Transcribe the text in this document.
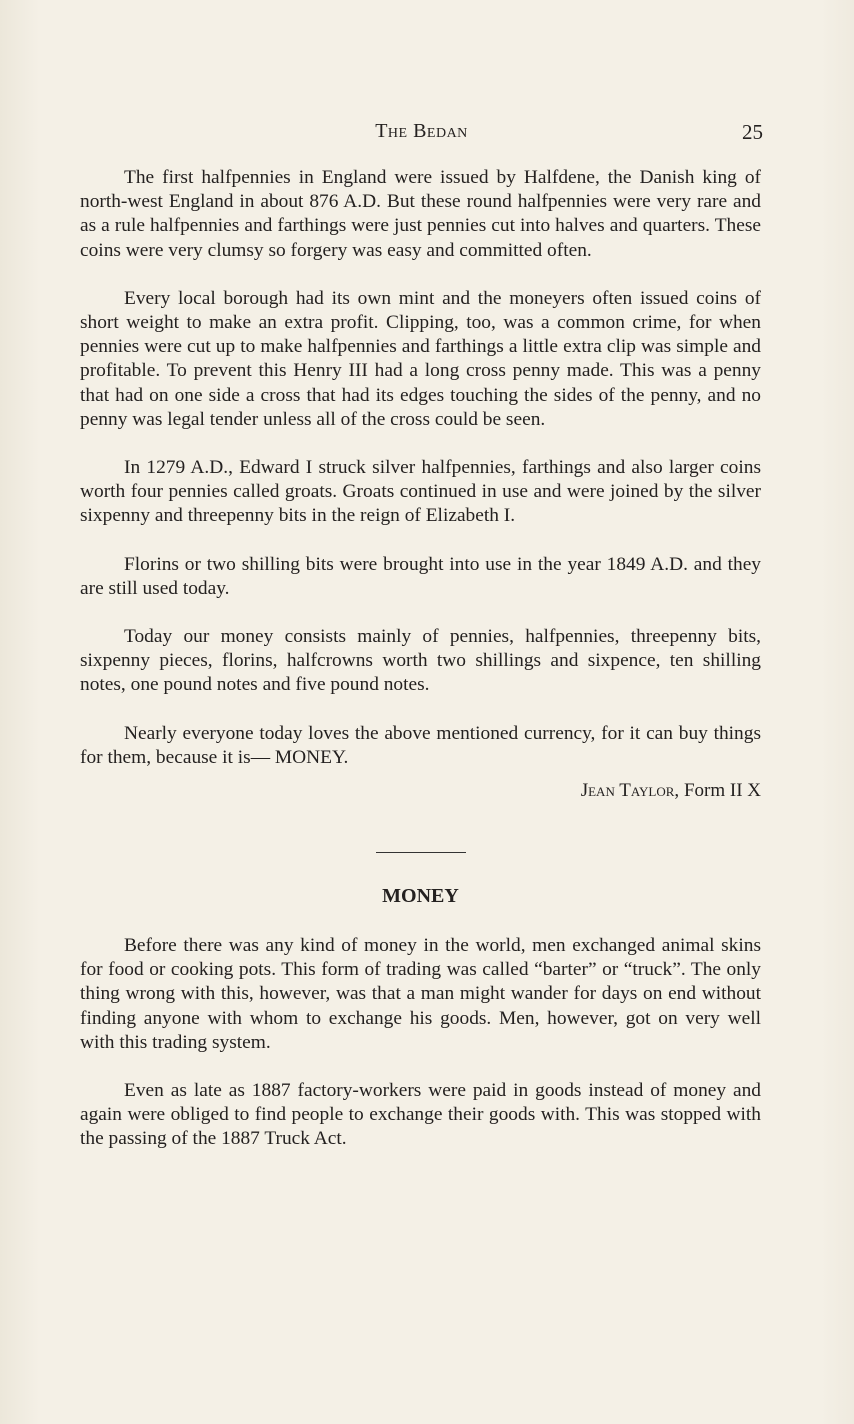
The Bedan	25

The first halfpennies in England were issued by Halfdene, the Danish king of north-west England in about 876 A.D. But these round halfpennies were very rare and as a rule halfpennies and farthings were just pennies cut into halves and quarters. These coins were very clumsy so forgery was easy and committed often.

Every local borough had its own mint and the moneyers often issued coins of short weight to make an extra profit. Clipping, too, was a common crime, for when pennies were cut up to make halfpennies and farthings a little extra clip was simple and profitable. To prevent this Henry III had a long cross penny made. This was a penny that had on one side a cross that had its edges touching the sides of the penny, and no penny was legal tender unless all of the cross could be seen.

In 1279 A.D., Edward I struck silver halfpennies, farthings and also larger coins worth four pennies called groats. Groats continued in use and were joined by the silver sixpenny and threepenny bits in the reign of Elizabeth I.

Florins or two shilling bits were brought into use in the year 1849 A.D. and they are still used today.

Today our money consists mainly of pennies, halfpennies, threepenny bits, sixpenny pieces, florins, halfcrowns worth two shillings and sixpence, ten shilling notes, one pound notes and five pound notes.

Nearly everyone today loves the above mentioned currency, for it can buy things for them, because it is— MONEY.

Jean Taylor, Form II X
MONEY

Before there was any kind of money in the world, men exchanged animal skins for food or cooking pots. This form of trading was called “barter” or “truck”. The only thing wrong with this, however, was that a man might wander for days on end without finding anyone with whom to exchange his goods. Men, however, got on very well with this trading system.

Even as late as 1887 factory-workers were paid in goods instead of money and again were obliged to find people to exchange their goods with. This was stopped with the passing of the 1887 Truck Act.
